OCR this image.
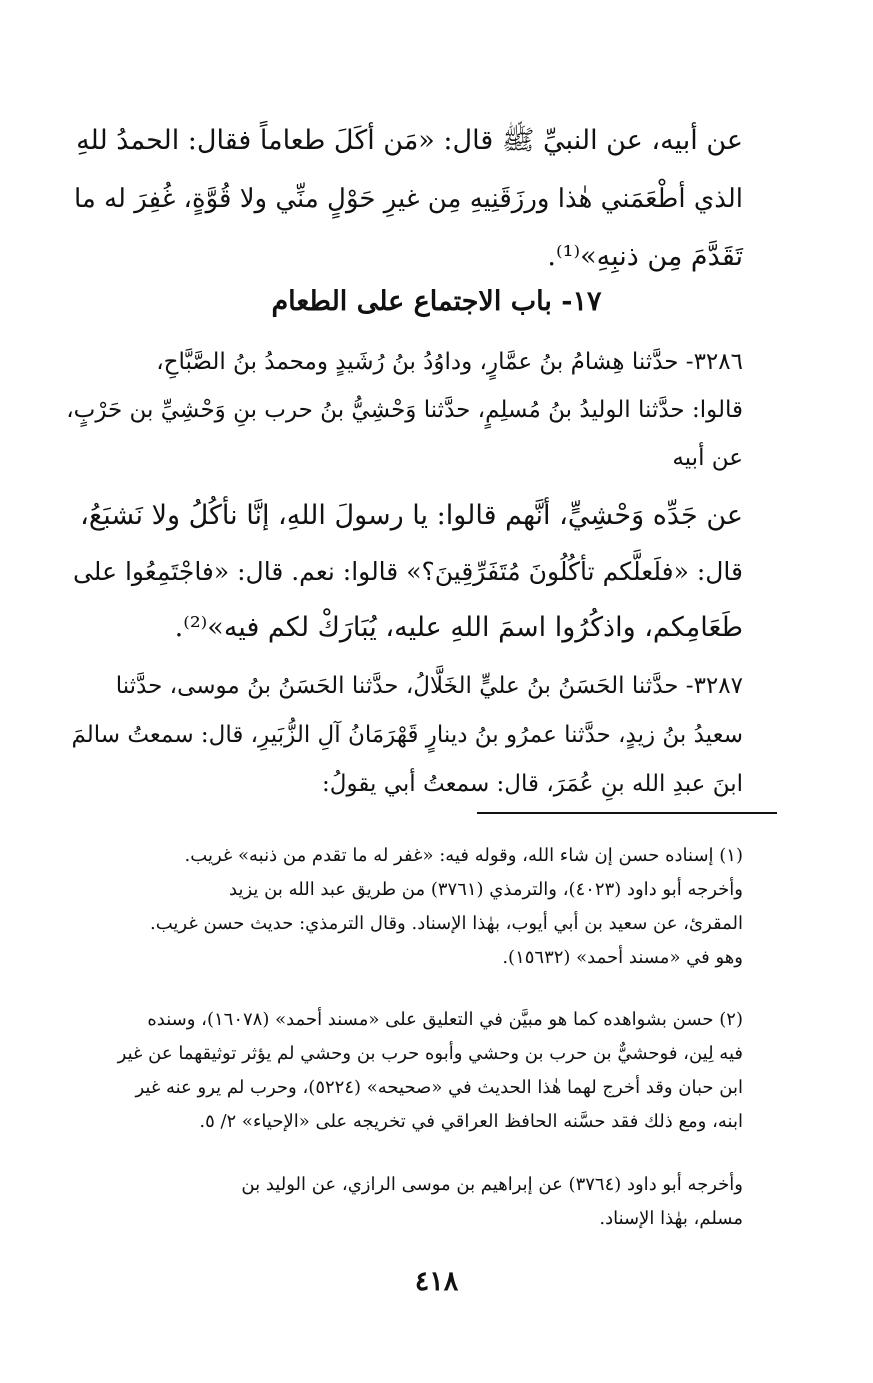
عن أبيه، عن النبيِّ ﷺ قال: «مَن أكَلَ طعاماً فقال: الحمدُ للهِ
الذي أطْعَمَني هٰذا ورزَقَنِيهِ مِن غيرِ حَوْلٍ منِّي ولا قُوَّةٍ، غُفِرَ له ما
تَقَدَّمَ مِن ذنبِهِ»⁽¹⁾.
١٧- باب الاجتماع على الطعام
٣٢٨٦- حدَّثنا هِشامُ بنُ عمَّارٍ، وداوُدُ بنُ رُشَيدٍ ومحمدُ بنُ الصَّبَّاحِ،
قالوا: حدَّثنا الوليدُ بنُ مُسلِمٍ، حدَّثنا وَحْشِيُّ بنُ حرب بنِ وَحْشِيِّ بن حَرْبٍ،
عن أبيه
عن جَدِّه وَحْشِيٍّ، أنَّهم قالوا: يا رسولَ اللهِ، إنَّا نأكُلُ ولا نَشبَعُ،
قال: «فلَعلَّكم تأكُلُونَ مُتَفَرِّقِينَ؟» قالوا: نعم. قال: «فاجْتَمِعُوا على
طَعَامِكم، واذكُرُوا اسمَ اللهِ عليه، يُبَارَكْ لكم فيه»⁽²⁾.
٣٢٨٧- حدَّثنا الحَسَنُ بنُ عليٍّ الخَلَّالُ، حدَّثنا الحَسَنُ بنُ موسى، حدَّثنا
سعيدُ بنُ زيدٍ، حدَّثنا عمرُو بنُ دينارٍ قَهْرَمَانُ آلِ الزُّبَيرِ، قال: سمعتُ سالمَ
ابنَ عبدِ الله بنِ عُمَرَ، قال: سمعتُ أبي يقولُ:
(١) إسناده حسن إن شاء الله، وقوله فيه: «غفر له ما تقدم من ذنبه» غريب.
وأخرجه أبو داود (٤٠٢٣)، والترمذي (٣٧٦١) من طريق عبد الله بن يزيد
المقرئ، عن سعيد بن أبي أيوب، بهٰذا الإسناد. وقال الترمذي: حديث حسن غريب.
وهو في «مسند أحمد» (١٥٦٣٢).
(٢) حسن بشواهده كما هو مبيَّن في التعليق على «مسند أحمد» (١٦٠٧٨)، وسنده
فيه لِين، فوحشيٌّ بن حرب بن وحشي وأبوه حرب بن وحشي لم يؤثر توثيقهما عن غير
ابن حبان وقد أخرج لهما هٰذا الحديث في «صحيحه» (٥٢٢٤)، وحرب لم يرو عنه غير
ابنه، ومع ذلك فقد حسَّنه الحافظ العراقي في تخريجه على «الإحياء» ٢/ ٥.
وأخرجه أبو داود (٣٧٦٤) عن إبراهيم بن موسى الرازي، عن الوليد بن
مسلم، بهٰذا الإسناد.
٤١٨
